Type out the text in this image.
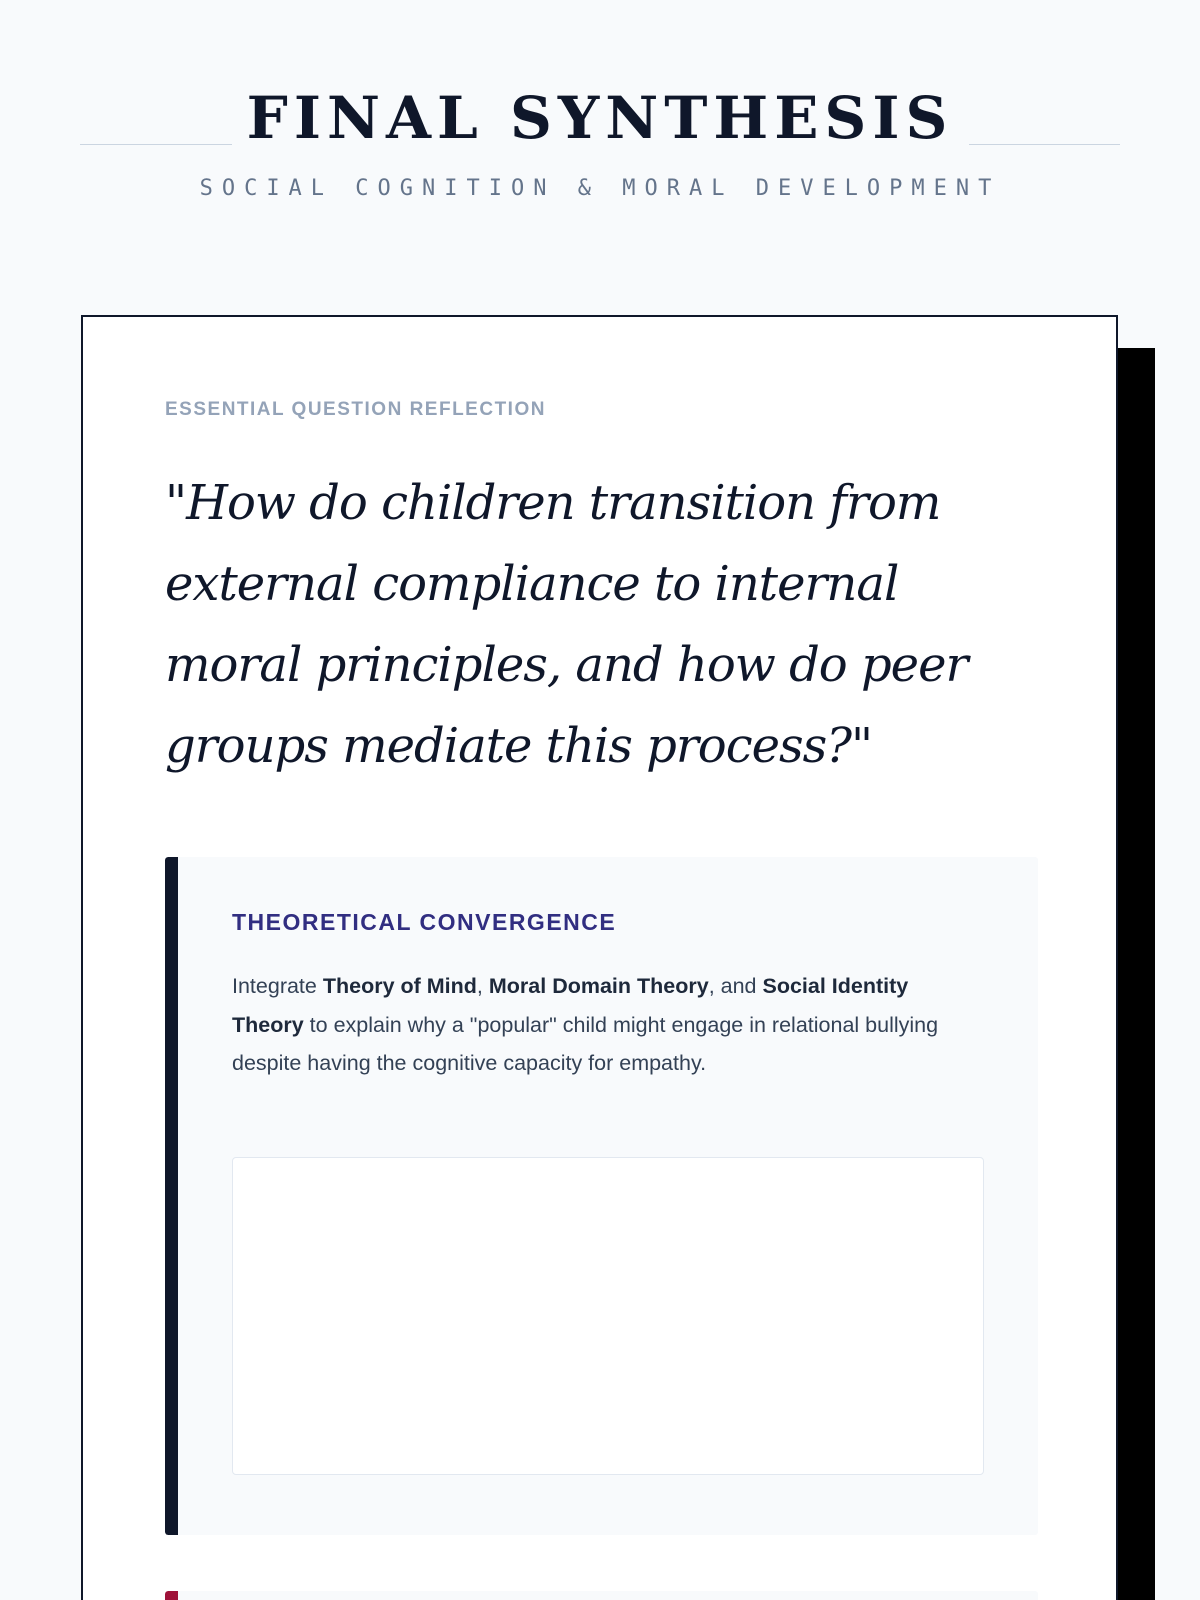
FINAL SYNTHESIS

SOCIAL COGNITION & MORAL DEVELOPMENT

ESSENTIAL QUESTION REFLECTION

"How do children transition from external compliance to internal moral principles, and how do peer groups mediate this process?"

THEORETICAL CONVERGENCE

Integrate Theory of Mind, Moral Domain Theory, and Social Identity Theory to explain why a "popular" child might engage in relational bullying despite having the cognitive capacity for empathy.
